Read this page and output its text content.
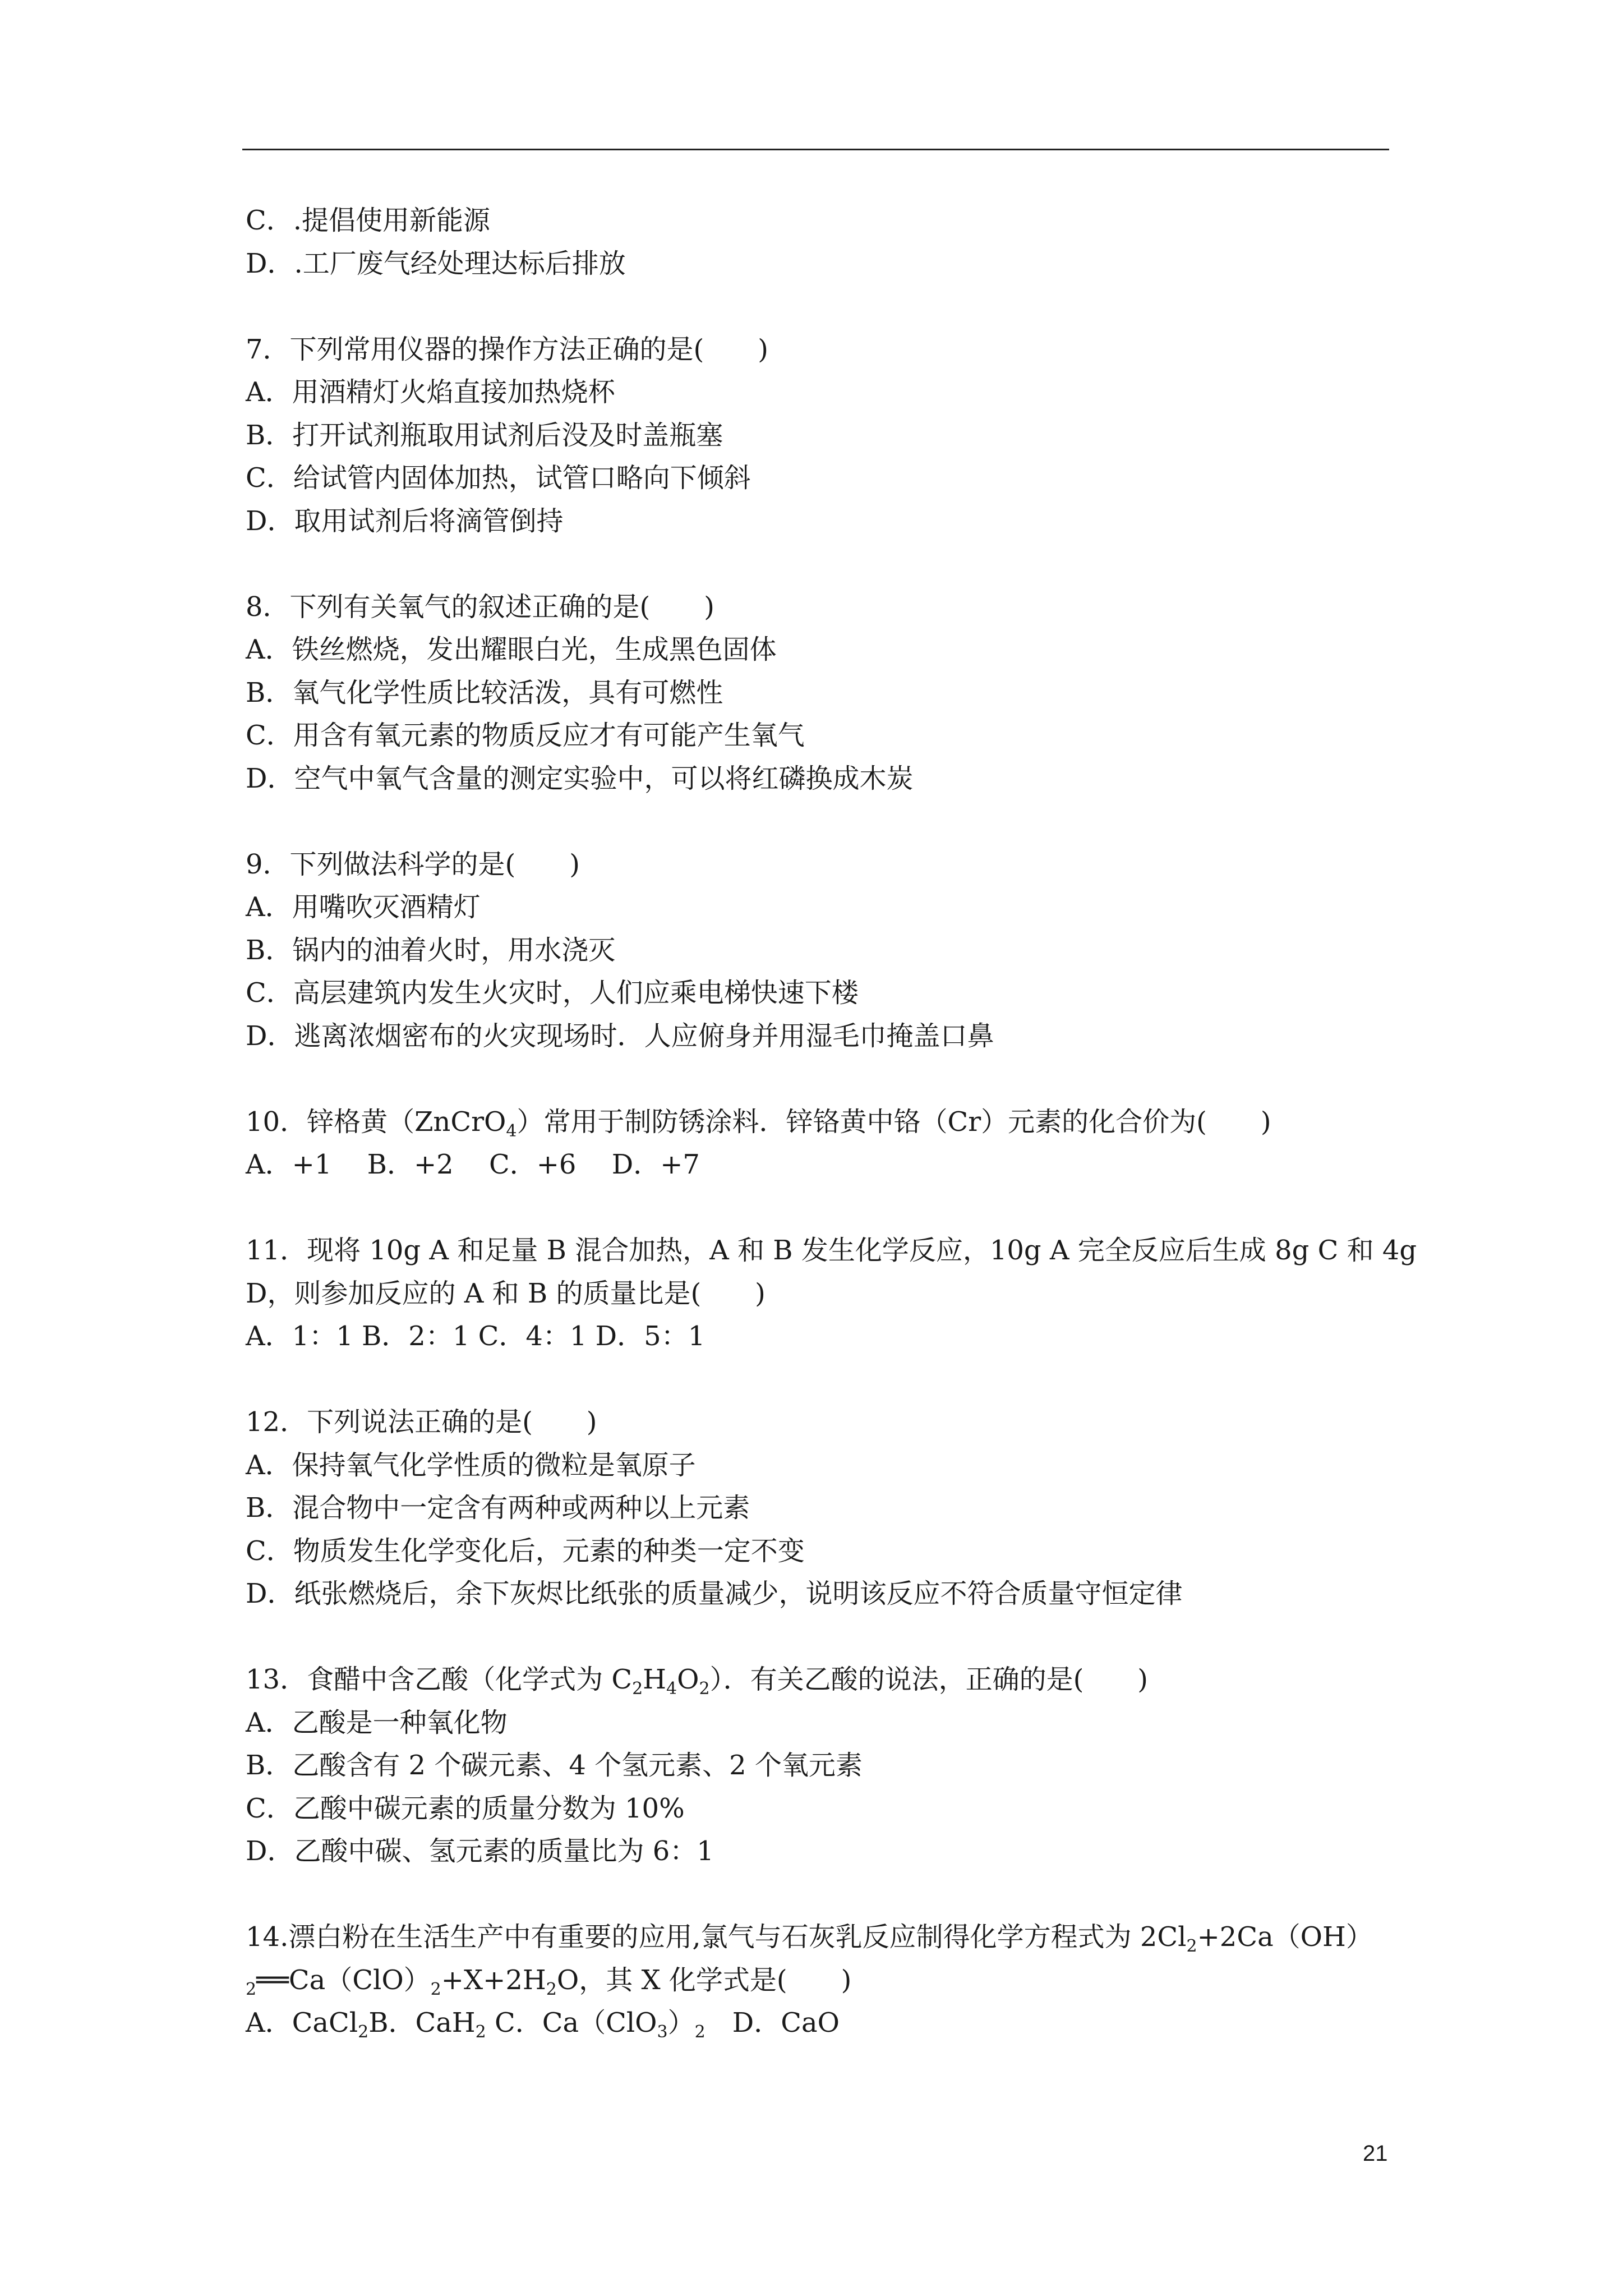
C．.提倡使用新能源
D．.工厂废气经处理达标后排放
7．下列常用仪器的操作方法正确的是(　　)
A．用酒精灯火焰直接加热烧杯
B．打开试剂瓶取用试剂后没及时盖瓶塞
C．给试管内固体加热，试管口略向下倾斜
D．取用试剂后将滴管倒持
8．下列有关氧气的叙述正确的是(　　)
A．铁丝燃烧，发出耀眼白光，生成黑色固体
B．氧气化学性质比较活泼，具有可燃性
C．用含有氧元素的物质反应才有可能产生氧气
D．空气中氧气含量的测定实验中，可以将红磷换成木炭
9．下列做法科学的是(　　)
A．用嘴吹灭酒精灯
B．锅内的油着火时，用水浇灭
C．高层建筑内发生火灾时，人们应乘电梯快速下楼
D．逃离浓烟密布的火灾现场时．人应俯身并用湿毛巾掩盖口鼻
10．锌格黄（ZnCrO$_4$）常用于制防锈涂料．锌铬黄中铬（Cr）元素的化合价为(　　)
A．+1　 B．+2　 C．+6　 D．+7
11．现将 10g A 和足量 B 混合加热，A 和 B 发生化学反应，10g A 完全反应后生成 8g C 和 4g
D，则参加反应的 A 和 B 的质量比是(　　)
A．1：1 B．2：1 C．4：1 D．5：1
12．下列说法正确的是(　　)
A．保持氧气化学性质的微粒是氧原子
B．混合物中一定含有两种或两种以上元素
C．物质发生化学变化后，元素的种类一定不变
D．纸张燃烧后，余下灰烬比纸张的质量减少，说明该反应不符合质量守恒定律
13．食醋中含乙酸（化学式为 $C_2H_4O_2$）．有关乙酸的说法，正确的是(　　)
A．乙酸是一种氧化物
B．乙酸含有 2 个碳元素、4 个氢元素、2 个氧元素
C．乙酸中碳元素的质量分数为 10%
D．乙酸中碳、氢元素的质量比为 6：1
14.漂白粉在生活生产中有重要的应用,氯气与石灰乳反应制得化学方程式为 $2Cl_2+2Ca(OH)$
$_2══Ca(ClO)_2+X+2H_2O$，其 X 化学式是(　　)
A．CaCl$_2$B．CaH$_2$ C．$Ca(ClO_3)_2$　D．CaO
21
